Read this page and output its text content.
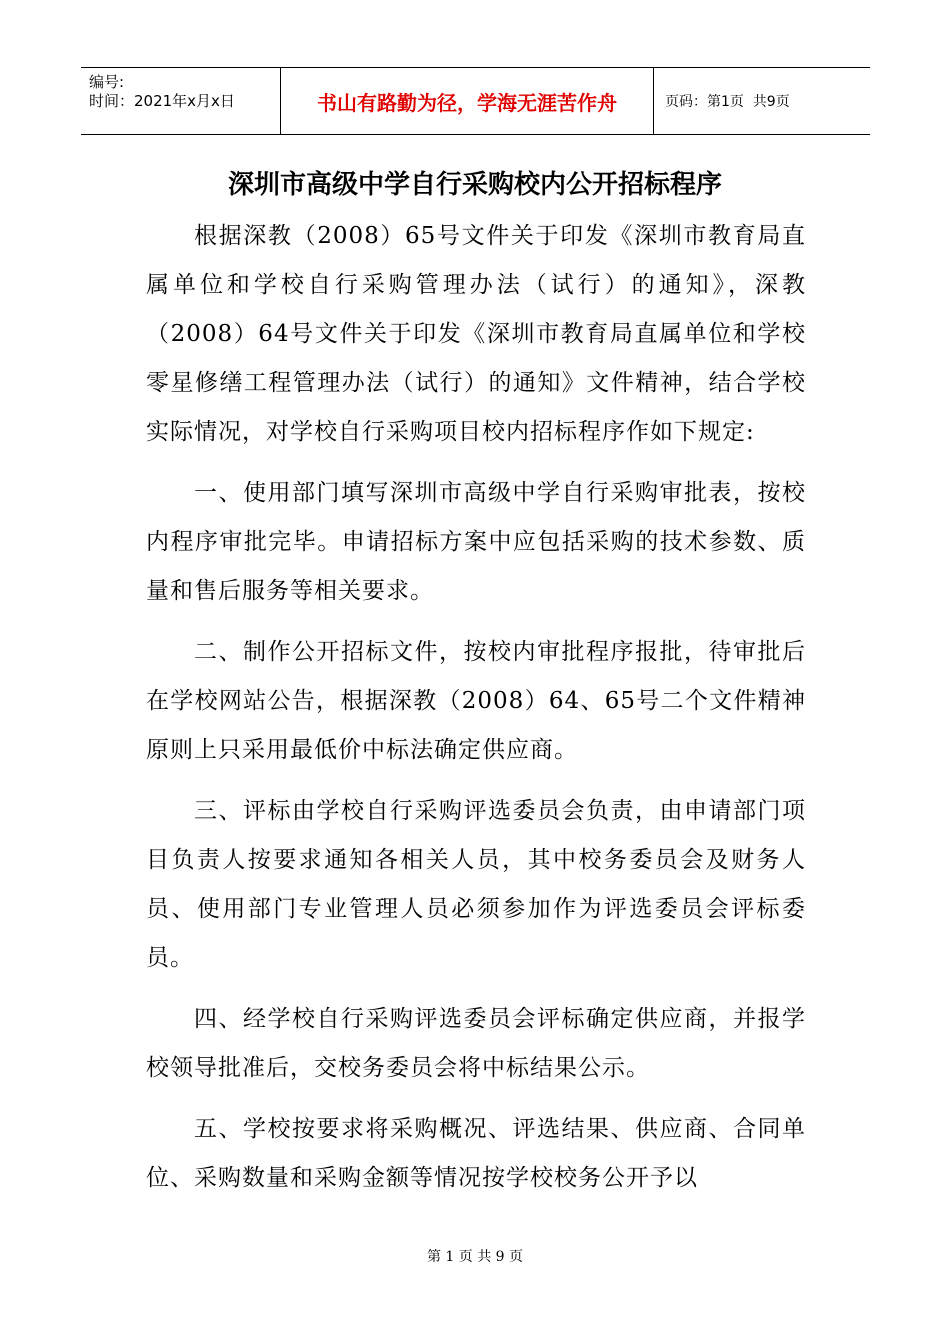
编号:
时间：2021年x月x日	书山有路勤为径，学海无涯苦作舟	页码：第1页  共9页
深圳市高级中学自行采购校内公开招标程序

根据深教（2008）65号文件关于印发《深圳市教育局直属单位和学校自行采购管理办法（试行）的通知》，深教（2008）64号文件关于印发《深圳市教育局直属单位和学校零星修缮工程管理办法（试行）的通知》文件精神，结合学校实际情况，对学校自行采购项目校内招标程序作如下规定:

一、使用部门填写深圳市高级中学自行采购审批表，按校内程序审批完毕。申请招标方案中应包括采购的技术参数、质量和售后服务等相关要求。

二、制作公开招标文件，按校内审批程序报批，待审批后在学校网站公告，根据深教（2008）64、65号二个文件精神原则上只采用最低价中标法确定供应商。

三、评标由学校自行采购评选委员会负责，由申请部门项目负责人按要求通知各相关人员，其中校务委员会及财务人员、使用部门专业管理人员必须参加作为评选委员会评标委员。

四、经学校自行采购评选委员会评标确定供应商，并报学校领导批准后，交校务委员会将中标结果公示。

五、学校按要求将采购概况、评选结果、供应商、合同单位、采购数量和采购金额等情况按学校校务公开予以

第 1 页 共 9 页
